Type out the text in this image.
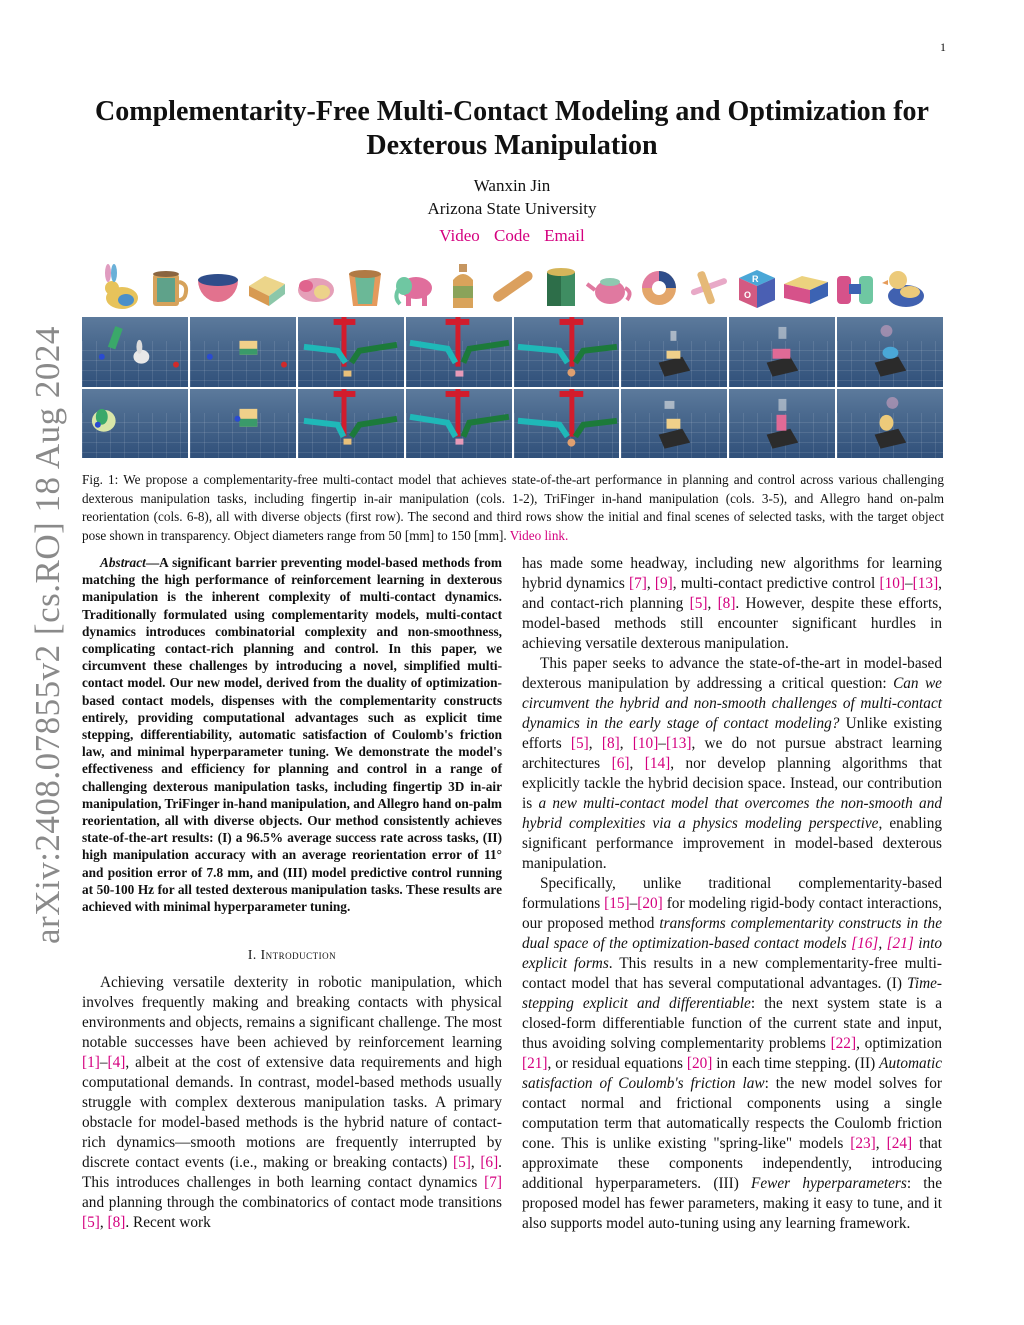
1
arXiv:2408.07855v2 [cs.RO] 18 Aug 2024
Complementarity-Free Multi-Contact Modeling and Optimization for Dexterous Manipulation
Wanxin Jin
Arizona State University
Video Code Email
R
O
Fig. 1: We propose a complementarity-free multi-contact model that achieves state-of-the-art performance in planning and control across various challenging dexterous manipulation tasks, including fingertip in-air manipulation (cols. 1-2), TriFinger in-hand manipulation (cols. 3-5), and Allegro hand on-palm reorientation (cols. 6-8), all with diverse objects (first row). The second and third rows show the initial and final scenes of selected tasks, with the target object pose shown in transparency. Object diameters range from 50 [mm] to 150 [mm]. Video link.

Abstract—A significant barrier preventing model-based methods from matching the high performance of reinforcement learning in dexterous manipulation is the inherent complexity of multi-contact dynamics. Traditionally formulated using complementarity models, multi-contact dynamics introduces combinatorial complexity and non-smoothness, complicating contact-rich planning and control. In this paper, we circumvent these challenges by introducing a novel, simplified multi-contact model. Our new model, derived from the duality of optimization-based contact models, dispenses with the complementarity constructs entirely, providing computational advantages such as explicit time stepping, differentiability, automatic satisfaction of Coulomb's friction law, and minimal hyperparameter tuning. We demonstrate the model's effectiveness and efficiency for planning and control in a range of challenging dexterous manipulation tasks, including fingertip 3D in-air manipulation, TriFinger in-hand manipulation, and Allegro hand on-palm reorientation, all with diverse objects. Our method consistently achieves state-of-the-art results: (I) a 96.5% average success rate across tasks, (II) high manipulation accuracy with an average reorientation error of 11° and position error of 7.8 mm, and (III) model predictive control running at 50-100 Hz for all tested dexterous manipulation tasks. These results are achieved with minimal hyperparameter tuning.

I. Introduction

Achieving versatile dexterity in robotic manipulation, which involves frequently making and breaking contacts with physical environments and objects, remains a significant challenge. The most notable successes have been achieved by reinforcement learning [1]–[4], albeit at the cost of extensive data requirements and high computational demands. In contrast, model-based methods usually struggle with complex dexterous manipulation tasks. A primary obstacle for model-based methods is the hybrid nature of contact-rich dynamics—smooth motions are frequently interrupted by discrete contact events (i.e., making or breaking contacts) [5], [6]. This introduces challenges in both learning contact dynamics [7] and planning through the combinatorics of contact mode transitions [5], [8]. Recent work

has made some headway, including new algorithms for learning hybrid dynamics [7], [9], multi-contact predictive control [10]–[13], and contact-rich planning [5], [8]. However, despite these efforts, model-based methods still encounter significant hurdles in achieving versatile dexterous manipulation.

This paper seeks to advance the state-of-the-art in model-based dexterous manipulation by addressing a critical question: Can we circumvent the hybrid and non-smooth challenges of multi-contact dynamics in the early stage of contact modeling? Unlike existing efforts [5], [8], [10]–[13], we do not pursue abstract learning architectures [6], [14], nor develop planning algorithms that explicitly tackle the hybrid decision space. Instead, our contribution is a new multi-contact model that overcomes the non-smooth and hybrid complexities via a physics modeling perspective, enabling significant performance improvement in model-based dexterous manipulation.

Specifically, unlike traditional complementarity-based formulations [15]–[20] for modeling rigid-body contact interactions, our proposed method transforms complementarity constructs in the dual space of the optimization-based contact models [16], [21] into explicit forms. This results in a new complementarity-free multi-contact model that has several computational advantages. (I) Time-stepping explicit and differentiable: the next system state is a closed-form differentiable function of the current state and input, thus avoiding solving complementarity problems [22], optimization [21], or residual equations [20] in each time stepping. (II) Automatic satisfaction of Coulomb's friction law: the new model solves for contact normal and frictional components using a single computation term that automatically respects the Coulomb friction cone. This is unlike existing "spring-like" models [23], [24] that approximate these components independently, introducing additional hyperparameters. (III) Fewer hyperparameters: the proposed model has fewer parameters, making it easy to tune, and it also supports model auto-tuning using any learning framework.
